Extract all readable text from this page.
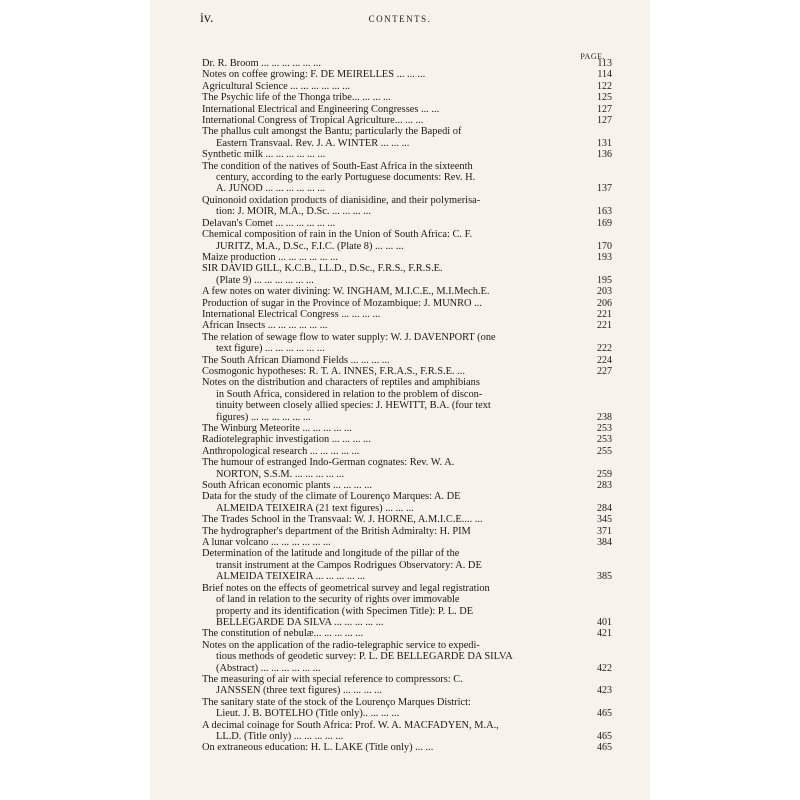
iv.	CONTENTS.
PAGE.
Dr. R. Broom ... ... ... ... ... ...	113
Notes on coffee growing: F. DE MEIRELLES ... ... ...	114
Agricultural Science ... ... ... ... ... ...	122
The Psychic life of the Thonga tribe... ... ... ...	125
International Electrical and Engineering Congresses ... ...	127
International Congress of Tropical Agriculture... ... ...	127
The phallus cult amongst the Bantu; particularly the Bapedi of
Eastern Transvaal. Rev. J. A. WINTER ... ... ...	131
Synthetic milk ... ... ... ... ... ...	136
The condition of the natives of South-East Africa in the sixteenth
century, according to the early Portuguese documents: Rev. H.
A. JUNOD ... ... ... ... ... ...	137
Quinonoid oxidation products of dianisidine, and their polymerisa-
tion: J. MOIR, M.A., D.Sc. ... ... ... ...	163
Delavan's Comet ... ... ... ... ... ...	169
Chemical composition of rain in the Union of South Africa: C. F.
JURITZ, M.A., D.Sc., F.I.C. (Plate 8) ... ... ...	170
Maize production ... ... ... ... ... ...	193
SIR DAVID GILL, K.C.B., LL.D., D.Sc., F.R.S., F.R.S.E.
(Plate 9) ... ... ... ... ... ...	195
A few notes on water divining: W. INGHAM, M.I.C.E., M.I.Mech.E.	203
Production of sugar in the Province of Mozambique: J. MUNRO ...	206
International Electrical Congress ... ... ... ...	221
African Insects ... ... ... ... ... ...	221
The relation of sewage flow to water supply: W. J. DAVENPORT (one
text figure) ... ... ... ... ... ...	222
The South African Diamond Fields ... ... ... ...	224
Cosmogonic hypotheses: R. T. A. INNES, F.R.A.S., F.R.S.E. ...	227
Notes on the distribution and characters of reptiles and amphibians
in South Africa, considered in relation to the problem of discon-
tinuity between closely allied species: J. HEWITT, B.A. (four text
figures) ... ... ... ... ... ...	238
The Winburg Meteorite ... ... ... ... ...	253
Radiotelegraphic investigation ... ... ... ...	253
Anthropological research ... ... ... ... ...	255
The humour of estranged Indo-German cognates: Rev. W. A.
NORTON, S.S.M. ... ... ... ... ...	259
South African economic plants ... ... ... ...	283
Data for the study of the climate of Lourenço Marques: A. DE
ALMEIDA TEIXEIRA (21 text figures) ... ... ...	284
The Trades School in the Transvaal: W. J. HORNE, A.M.I.C.E.... ...	345
The hydrographer's department of the British Admiralty: H. PIM	371
A lunar volcano ... ... ... ... ... ...	384
Determination of the latitude and longitude of the pillar of the
transit instrument at the Campos Rodrigues Observatory: A. DE
ALMEIDA TEIXEIRA ... ... ... ... ...	385
Brief notes on the effects of geometrical survey and legal registration
of land in relation to the security of rights over immovable
property and its identification (with Specimen Title): P. L. DE
BELLEGARDE DA SILVA ... ... ... ... ...	401
The constitution of nebulæ... ... ... ... ...	421
Notes on the application of the radio-telegraphic service to expedi-
tious methods of geodetic survey: P. L. DE BELLEGARDE DA SILVA
(Abstract) ... ... ... ... ... ...	422
The measuring of air with special reference to compressors: C.
JANSSEN (three text figures) ... ... ... ...	423
The sanitary state of the stock of the Lourenço Marques District:
Lieut. J. B. BOTELHO (Title only).. ... ... ...	465
A decimal coinage for South Africa: Prof. W. A. MACFADYEN, M.A.,
LL.D. (Title only) ... ... ... ... ...	465
On extraneous education: H. L. LAKE (Title only) ... ...	465
